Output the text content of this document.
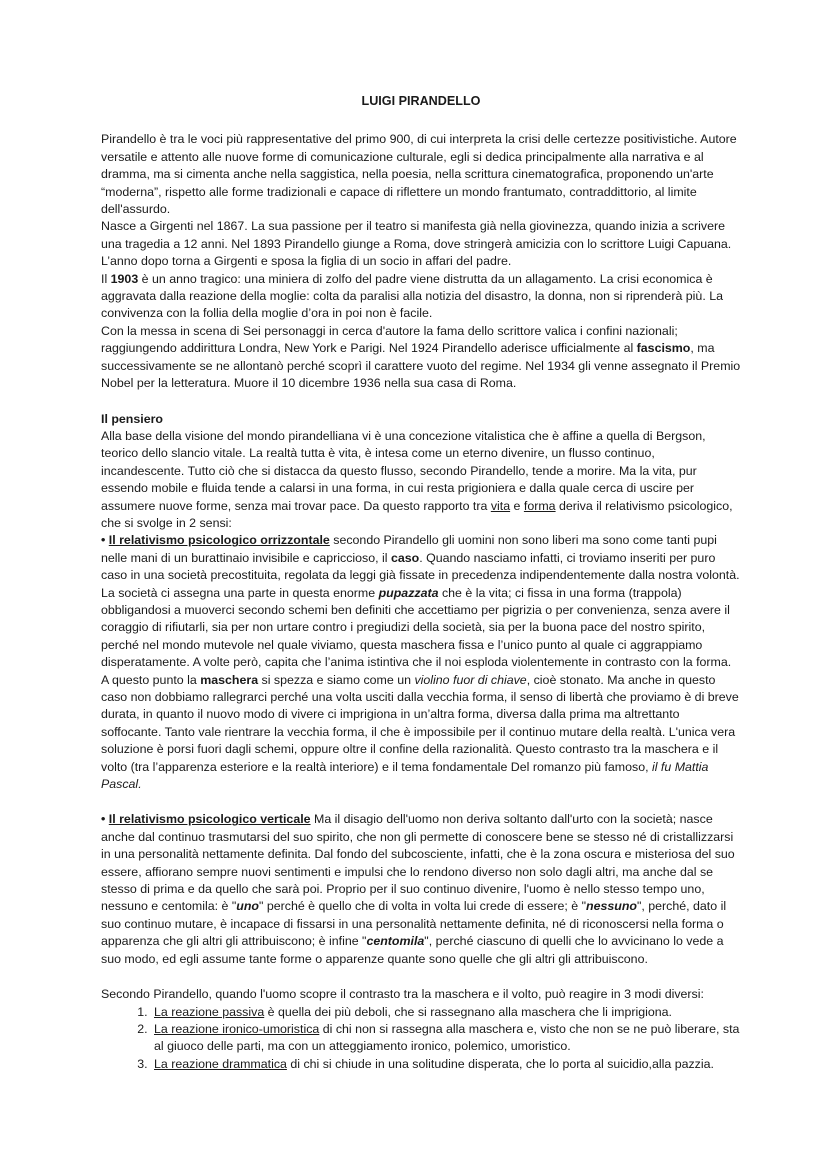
LUIGI PIRANDELLO

Pirandello è tra le voci più rappresentative del primo 900, di cui interpreta la crisi delle certezze positivistiche. Autore versatile e attento alle nuove forme di comunicazione culturale, egli si dedica principalmente alla narrativa e al dramma, ma si cimenta anche nella saggistica, nella poesia, nella scrittura cinematografica, proponendo un'arte “moderna”, rispetto alle forme tradizionali e capace di riflettere un mondo frantumato, contraddittorio, al limite dell'assurdo.

Nasce a Girgenti nel 1867. La sua passione per il teatro si manifesta già nella giovinezza, quando inizia a scrivere una tragedia a 12 anni. Nel 1893 Pirandello giunge a Roma, dove stringerà amicizia con lo scrittore Luigi Capuana. L’anno dopo torna a Girgenti e sposa la figlia di un socio in affari del padre.

Il 1903 è un anno tragico: una miniera di zolfo del padre viene distrutta da un allagamento. La crisi economica è aggravata dalla reazione della moglie: colta da paralisi alla notizia del disastro, la donna, non si riprenderà più. La convivenza con la follia della moglie d’ora in poi non è facile.

Con la messa in scena di Sei personaggi in cerca d'autore la fama dello scrittore valica i confini nazionali; raggiungendo addirittura Londra, New York e Parigi. Nel 1924 Pirandello aderisce ufficialmente al fascismo, ma successivamente se ne allontanò perché scoprì il carattere vuoto del regime. Nel 1934 gli venne assegnato il Premio Nobel per la letteratura. Muore il 10 dicembre 1936 nella sua casa di Roma.

Il pensiero

Alla base della visione del mondo pirandelliana vi è una concezione vitalistica che è affine a quella di Bergson, teorico dello slancio vitale. La realtà tutta è vita, è intesa come un eterno divenire, un flusso continuo, incandescente. Tutto ciò che si distacca da questo flusso, secondo Pirandello, tende a morire. Ma la vita, pur essendo mobile e fluida tende a calarsi in una forma, in cui resta prigioniera e dalla quale cerca di uscire per assumere nuove forme, senza mai trovar pace. Da questo rapporto tra vita e forma deriva il relativismo psicologico, che si svolge in 2 sensi:

• Il relativismo psicologico orrizzontale secondo Pirandello gli uomini non sono liberi ma sono come tanti pupi nelle mani di un burattinaio invisibile e capriccioso, il caso. Quando nasciamo infatti, ci troviamo inseriti per puro caso in una società precostituita, regolata da leggi già fissate in precedenza indipendentemente dalla nostra volontà. La società ci assegna una parte in questa enorme pupazzata che è la vita; ci fissa in una forma (trappola) obbligandosi a muoverci secondo schemi ben definiti che accettiamo per pigrizia o per convenienza, senza avere il coraggio di rifiutarli, sia per non urtare contro i pregiudizi della società, sia per la buona pace del nostro spirito, perché nel mondo mutevole nel quale viviamo, questa maschera fissa e l’unico punto al quale ci aggrappiamo disperatamente. A volte però, capita che l’anima istintiva che il noi esploda violentemente in contrasto con la forma. A questo punto la maschera si spezza e siamo come un violino fuor di chiave, cioè stonato. Ma anche in questo caso non dobbiamo rallegrarci perché una volta usciti dalla vecchia forma, il senso di libertà che proviamo è di breve durata, in quanto il nuovo modo di vivere ci imprigiona in un’altra forma, diversa dalla prima ma altrettanto soffocante. Tanto vale rientrare la vecchia forma, il che è impossibile per il continuo mutare della realtà. L'unica vera soluzione è porsi fuori dagli schemi, oppure oltre il confine della razionalità. Questo contrasto tra la maschera e il volto (tra l’apparenza esteriore e la realtà interiore) e il tema fondamentale Del romanzo più famoso, il fu Mattia Pascal.

• Il relativismo psicologico verticale Ma il disagio dell'uomo non deriva soltanto dall'urto con la società; nasce anche dal continuo trasmutarsi del suo spirito, che non gli permette di conoscere bene se stesso né di cristallizzarsi in una personalità nettamente definita. Dal fondo del subcosciente, infatti, che è la zona oscura e misteriosa del suo essere, affiorano sempre nuovi sentimenti e impulsi che lo rendono diverso non solo dagli altri, ma anche dal se stesso di prima e da quello che sarà poi. Proprio per il suo continuo divenire, l'uomo è nello stesso tempo uno, nessuno e centomila: è "uno" perché è quello che di volta in volta lui crede di essere; è "nessuno", perché, dato il suo continuo mutare, è incapace di fissarsi in una personalità nettamente definita, né di riconoscersi nella forma o apparenza che gli altri gli attribuiscono; è infine "centomila", perché ciascuno di quelli che lo avvicinano lo vede a suo modo, ed egli assume tante forme o apparenze quante sono quelle che gli altri gli attribuiscono.

Secondo Pirandello, quando l'uomo scopre il contrasto tra la maschera e il volto, può reagire in 3 modi diversi:

1. La reazione passiva è quella dei più deboli, che si rassegnano alla maschera che li imprigiona.
2. La reazione ironico-umoristica di chi non si rassegna alla maschera e, visto che non se ne può liberare, sta al giuoco delle parti, ma con un atteggiamento ironico, polemico, umoristico.
3. La reazione drammatica di chi si chiude in una solitudine disperata, che lo porta al suicidio,alla pazzia.
